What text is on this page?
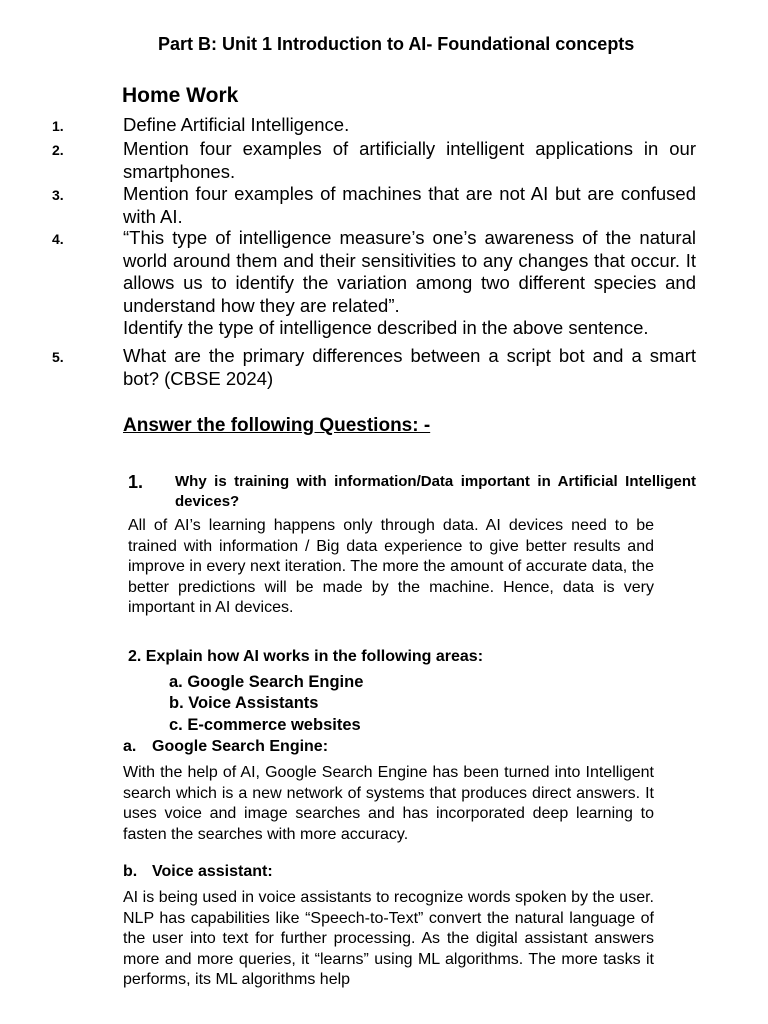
Part B: Unit 1 Introduction to AI- Foundational concepts
Home Work
1.	Define Artificial Intelligence.
2.	Mention four examples of artificially intelligent applications in our smartphones.
3.	Mention four examples of machines that are not AI but are confused with AI.
4.	“This type of intelligence measure’s one’s awareness of the natural world around them and their sensitivities to any changes that occur. It allows us to identify the variation among two different species and understand how they are related”.
Identify the type of intelligence described in the above sentence.
5.	What are the primary differences between a script bot and a smart bot? (CBSE 2024)
Answer the following Questions: -
1. Why is training with information/Data important in Artificial Intelligent devices?
All of AI’s learning happens only through data. AI devices need to be trained with information / Big data experience to give better results and improve in every next iteration. The more the amount of accurate data, the better predictions will be made by the machine. Hence, data is very important in AI devices.
2. Explain how AI works in the following areas:
a. Google Search Engine
b. Voice Assistants
c. E-commerce websites
a. Google Search Engine:
With the help of AI, Google Search Engine has been turned into Intelligent search which is a new network of systems that produces direct answers. It uses voice and image searches and has incorporated deep learning to fasten the searches with more accuracy.
b. Voice assistant:
AI is being used in voice assistants to recognize words spoken by the user. NLP has capabilities like “Speech-to-Text” convert the natural language of the user into text for further processing. As the digital assistant answers more and more queries, it “learns” using ML algorithms. The more tasks it performs, its ML algorithms help
